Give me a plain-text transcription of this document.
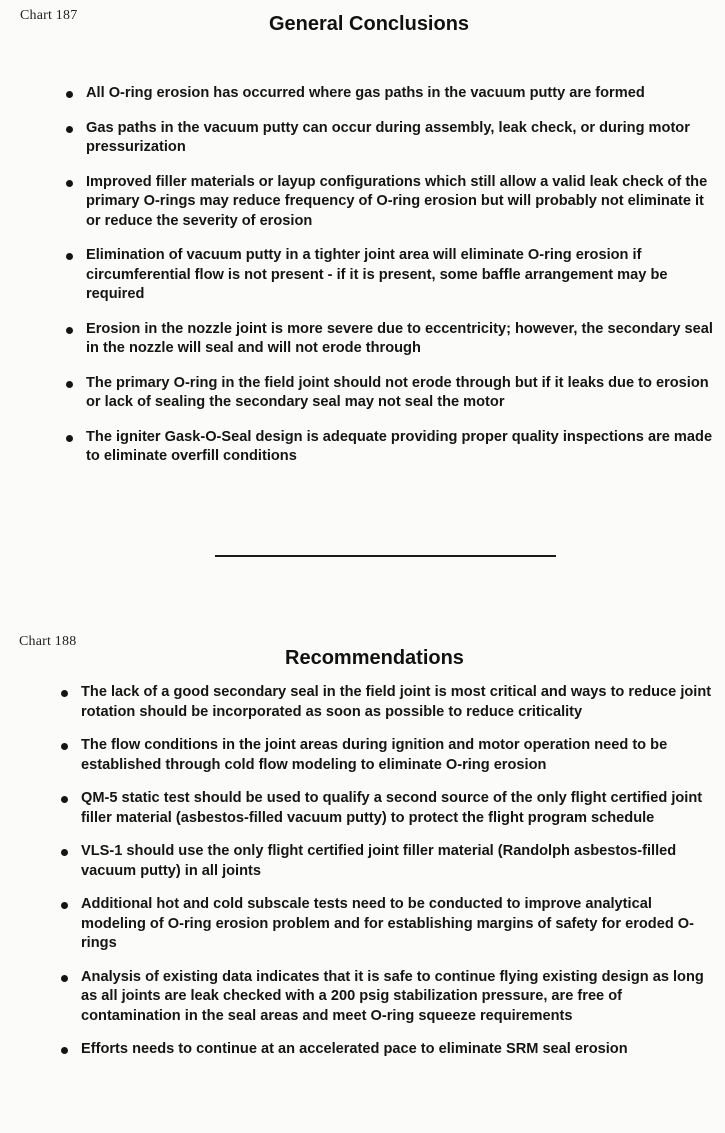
Chart 187	General Conclusions
All O-ring erosion has occurred where gas paths in the vacuum putty are formed
Gas paths in the vacuum putty can occur during assembly, leak check, or during motor pressurization
Improved filler materials or layup configurations which still allow a valid leak check of the primary O-rings may reduce frequency of O-ring erosion but will probably not eliminate it or reduce the severity of erosion
Elimination of vacuum putty in a tighter joint area will eliminate O-ring erosion if circumferential flow is not present - if it is present, some baffle arrangement may be required
Erosion in the nozzle joint is more severe due to eccentricity; however, the secondary seal in the nozzle will seal and will not erode through
The primary O-ring in the field joint should not erode through but if it leaks due to erosion or lack of sealing the secondary seal may not seal the motor
The igniter Gask-O-Seal design is adequate providing proper quality inspections are made to eliminate overfill conditions
Chart 188
Recommendations
The lack of a good secondary seal in the field joint is most critical and ways to reduce joint rotation should be incorporated as soon as possible to reduce criticality
The flow conditions in the joint areas during ignition and motor operation need to be established through cold flow modeling to eliminate O-ring erosion
QM-5 static test should be used to qualify a second source of the only flight certified joint filler material (asbestos-filled vacuum putty) to protect the flight program schedule
VLS-1 should use the only flight certified joint filler material (Randolph asbestos-filled vacuum putty) in all joints
Additional hot and cold subscale tests need to be conducted to improve analytical modeling of O-ring erosion problem and for establishing margins of safety for eroded O-rings
Analysis of existing data indicates that it is safe to continue flying existing design as long as all joints are leak checked with a 200 psig stabilization pressure, are free of contamination in the seal areas and meet O-ring squeeze requirements
Efforts needs to continue at an accelerated pace to eliminate SRM seal erosion
